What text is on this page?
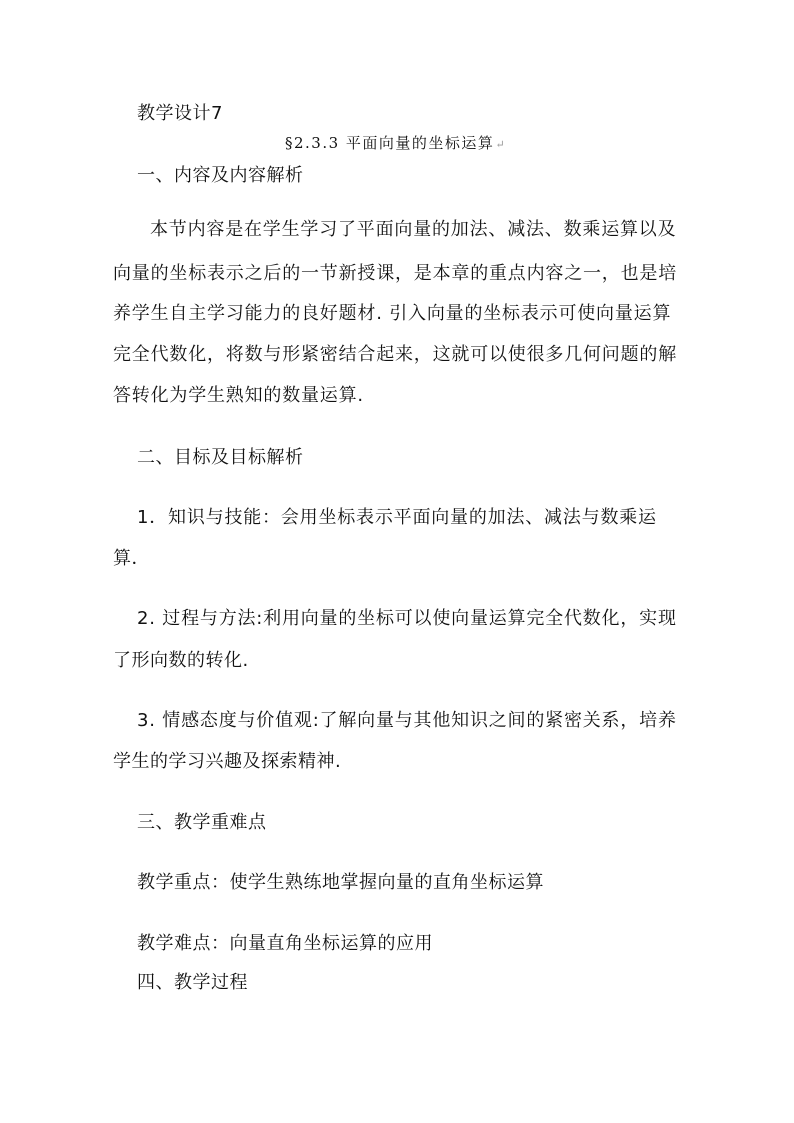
教学设计7
§2.3.3 平面向量的坐标运算↵
一、内容及内容解析
本节内容是在学生学习了平面向量的加法、减法、数乘运算以及
向量的坐标表示之后的一节新授课，是本章的重点内容之一，也是培
养学生自主学习能力的良好题材. 引入向量的坐标表示可使向量运算
完全代数化，将数与形紧密结合起来，这就可以使很多几何问题的解
答转化为学生熟知的数量运算.
二、目标及目标解析
1．知识与技能：会用坐标表示平面向量的加法、减法与数乘运
算．
2. 过程与方法:利用向量的坐标可以使向量运算完全代数化，实现
了形向数的转化.
3. 情感态度与价值观:了解向量与其他知识之间的紧密关系，培养
学生的学习兴趣及探索精神.
三、教学重难点
教学重点：使学生熟练地掌握向量的直角坐标运算
教学难点：向量直角坐标运算的应用
四、教学过程
